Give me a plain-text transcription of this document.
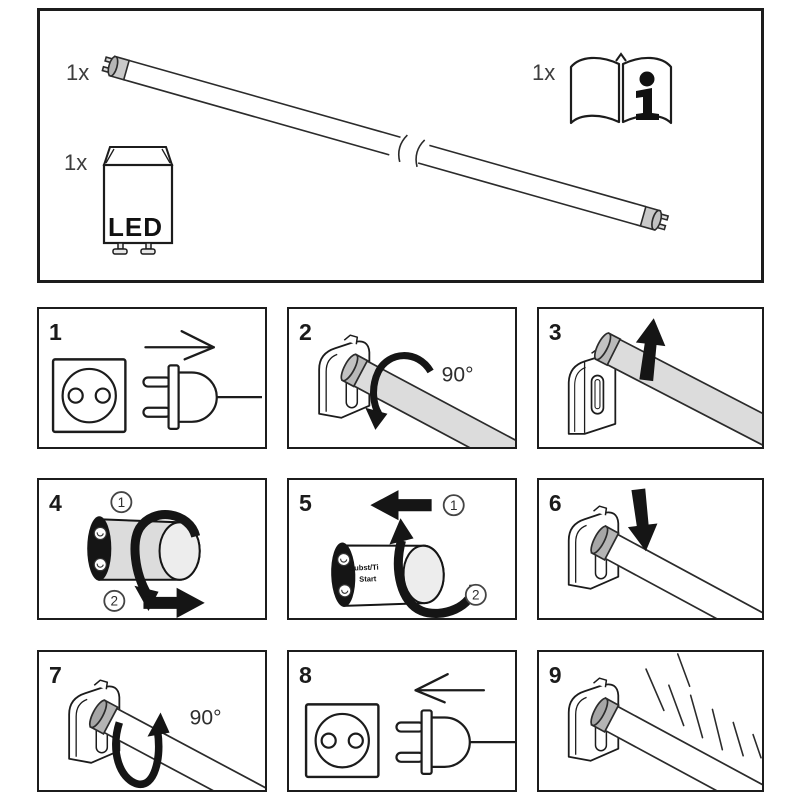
1x
1x
LED
1x
1	2
90°
3
4	1
2
5	1
Subst/Ti
Start
2
6
7
90°
8	9
